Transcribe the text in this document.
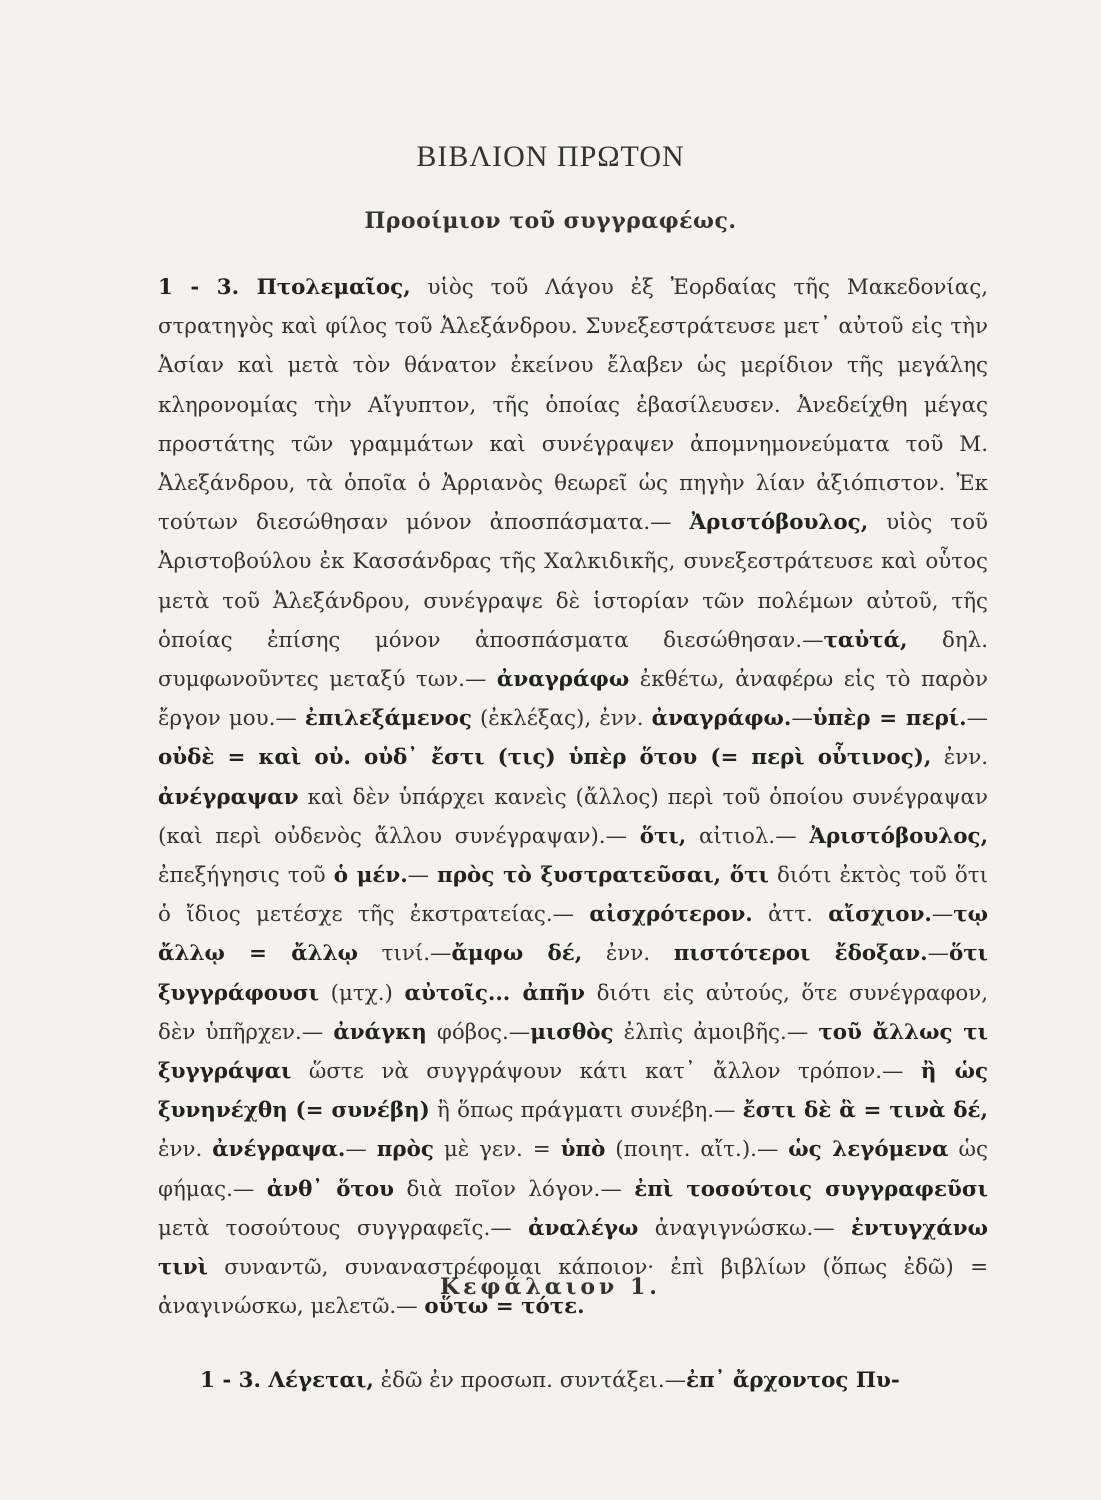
ΒΙΒΛΙΟΝ ΠΡΩΤΟΝ
Προοίμιον τοῦ συγγραφέως.

1 - 3. Πτολεμαῖος, υἱὸς τοῦ Λάγου ἐξ Ἐορδαίας τῆς Μακεδονίας, στρατηγὸς καὶ φίλος τοῦ Ἀλεξάνδρου. Συνεξεστράτευσε μετ᾽ αὐτοῦ εἰς τὴν Ἀσίαν καὶ μετὰ τὸν θάνατον ἐκείνου ἔλαβεν ὡς μερίδιον τῆς μεγάλης κληρονομίας τὴν Αἴγυπτον, τῆς ὁποίας ἐβασίλευσεν. Ἀνεδείχθη μέγας προστάτης τῶν γραμμάτων καὶ συνέγραψεν ἀπομνημονεύματα τοῦ Μ. Ἀλεξάνδρου, τὰ ὁποῖα ὁ Ἀρριανὸς θεωρεῖ ὡς πηγὴν λίαν ἀξιόπιστον. Ἐκ τούτων διεσώθησαν μόνον ἀποσπάσματα.— Ἀριστόβουλος, υἱὸς τοῦ Ἀριστοβούλου ἐκ Κασσάνδρας τῆς Χαλκιδικῆς, συνεξεστράτευσε καὶ οὗτος μετὰ τοῦ Ἀλεξάνδρου, συνέγραψε δὲ ἱστορίαν τῶν πολέμων αὐτοῦ, τῆς ὁποίας ἐπίσης μόνον ἀποσπάσματα διεσώθησαν.—ταὐτά, δηλ. συμφωνοῦντες μεταξύ των.— ἀναγράφω ἐκθέτω, ἀναφέρω εἰς τὸ παρὸν ἔργον μου.— ἐπιλεξάμενος (ἐκλέξας), ἐνν. ἀναγράφω.—ὑπὲρ = περί.—οὐδὲ = καὶ οὐ. οὐδ᾽ ἔστι (τις) ὑπὲρ ὅτου (= περὶ οὗτινος), ἐνν. ἀνέγραψαν καὶ δὲν ὑπάρχει κανεὶς (ἄλλος) περὶ τοῦ ὁποίου συνέγραψαν (καὶ περὶ οὐδενὸς ἄλλου συνέγραψαν).— ὅτι, αἰτιολ.— Ἀριστόβουλος, ἐπεξήγησις τοῦ ὁ μέν.— πρὸς τὸ ξυστρατεῦσαι, ὅτι διότι ἐκτὸς τοῦ ὅτι ὁ ἴδιος μετέσχε τῆς ἐκστρατείας.— αἰσχρότερον. ἀττ. αἴσχιον.—τῳ ἄλλῳ = ἄλλῳ τινί.—ἄμφω δέ, ἐνν. πιστότεροι ἔδοξαν.—ὅτι ξυγγράφουσι (μτχ.) αὐτοῖς... ἀπῆν διότι εἰς αὐτούς, ὅτε συνέγραφον, δὲν ὑπῆρχεν.— ἀνάγκη φόβος.—μισθὸς ἐλπὶς ἀμοιβῆς.— τοῦ ἄλλως τι ξυγγράψαι ὥστε νὰ συγγράψουν κάτι κατ᾽ ἄλλον τρόπον.— ἢ ὡς ξυνηνέχθη (= συνέβη) ἢ ὅπως πράγματι συνέβη.— ἔστι δὲ ἃ = τινὰ δέ, ἐνν. ἀνέγραψα.— πρὸς μὲ γεν. = ὑπὸ (ποιητ. αἴτ.).— ὡς λεγόμενα ὡς φήμας.— ἀνθ᾽ ὅτου διὰ ποῖον λόγον.— ἐπὶ τοσούτοις συγγραφεῦσι μετὰ τοσούτους συγγραφεῖς.— ἀναλέγω ἀναγιγνώσκω.— ἐντυγχάνω τινὶ συναντῶ, συναναστρέφομαι κάποιον· ἐπὶ βιβλίων (ὅπως ἐδῶ) = ἀναγινώσκω, μελετῶ.— οὕτω = τότε.

Κεφάλαιον 1.

1 - 3. Λέγεται, ἐδῶ ἐν προσωπ. συντάξει.—ἐπ᾽ ἄρχοντος Πυ-
